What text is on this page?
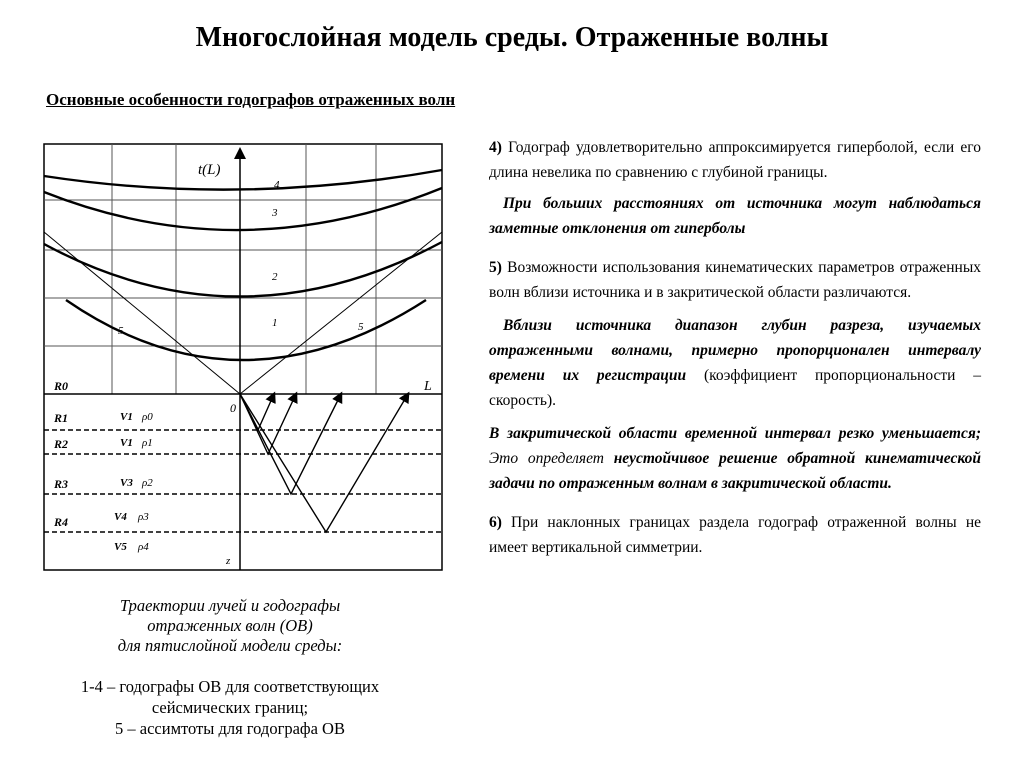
Многослойная модель среды. Отраженные волны
Основные особенности годографов отраженных волн
t(L)
L
0
z
1
2
3
4
5	5
R0
R1
R2
R3
R4
V1 ρ0
V1 ρ1
V3 ρ2
V4 ρ3
V5 ρ4
Траектории лучей и годографы
отраженных волн (ОВ)
для пятислойной модели среды:
1-4 – годографы ОВ для соответствующих
сейсмических границ;
5 – ассимтоты для годографа ОВ

4) Годограф удовлетворительно аппроксимируется гиперболой, если его длина невелика по сравнению с глубиной границы.

При больших расстояниях от источника могут наблюдаться заметные отклонения от гиперболы

5) Возможности использования кинематических параметров отраженных волн вблизи источника и в закритической области различаются.

Вблизи источника диапазон глубин разреза, изучаемых отраженными волнами, примерно пропорционален интервалу времени их регистрации (коэффициент пропорциональности – скорость).

В закритической области временной интервал резко уменьшается; Это определяет неустойчивое решение обратной кинематической задачи по отраженным волнам в закритической области.

6) При наклонных границах раздела годограф отраженной волны не имеет вертикальной симметрии.
